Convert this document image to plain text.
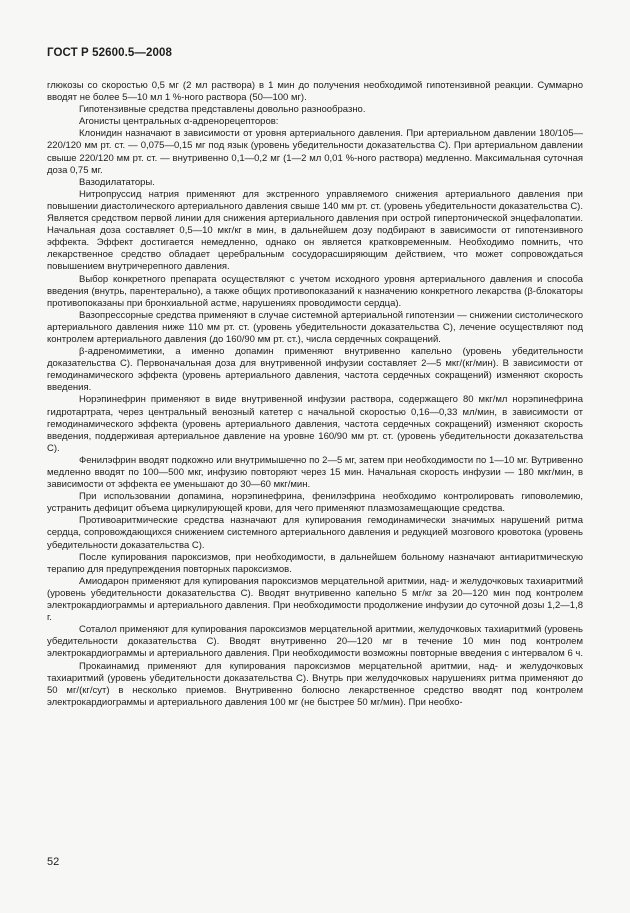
ГОСТ Р 52600.5—2008

глюкозы со скоростью 0,5 мг (2 мл раствора) в 1 мин до получения необходимой гипотензивной реакции. Суммарно вводят не более 5—10 мл 1 %-ного раствора (50—100 мг).

Гипотензивные средства представлены довольно разнообразно.

Агонисты центральных α-адренорецепторов:

Клонидин назначают в зависимости от уровня артериального давления. При артериальном давлении 180/105—220/120 мм рт. ст. — 0,075—0,15 мг под язык (уровень убедительности доказательства С). При артериальном давлении свыше 220/120 мм рт. ст. — внутривенно 0,1—0,2 мг (1—2 мл 0,01 %-ного раствора) медленно. Максимальная суточная доза 0,75 мг.

Вазодилататоры.

Нитропруссид натрия применяют для экстренного управляемого снижения артериального давления при повышении диастолического артериального давления свыше 140 мм рт. ст. (уровень убедительности доказательства С). Является средством первой линии для снижения артериального давления при острой гипертонической энцефалопатии. Начальная доза составляет 0,5—10 мкг/кг в мин, в дальнейшем дозу подбирают в зависимости от гипотензивного эффекта. Эффект достигается немедленно, однако он является кратковременным. Необходимо помнить, что лекарственное средство обладает церебральным сосудорасширяющим действием, что может сопровождаться повышением внутричерепного давления.

Выбор конкретного препарата осуществляют с учетом исходного уровня артериального давления и способа введения (внутрь, парентерально), а также общих противопоказаний к назначению конкретного лекарства (β-блокаторы противопоказаны при бронхиальной астме, нарушениях проводимости сердца).

Вазопрессорные средства применяют в случае системной артериальной гипотензии — снижении систолического артериального давления ниже 110 мм рт. ст. (уровень убедительности доказательства С), лечение осуществляют под контролем артериального давления (до 160/90 мм рт. ст.), числа сердечных сокращений.

β-адреномиметики, а именно допамин применяют внутривенно капельно (уровень убедительности доказательства С). Первоначальная доза для внутривенной инфузии составляет 2—5 мкг/(кг/мин). В зависимости от гемодинамического эффекта (уровень артериального давления, частота сердечных сокращений) изменяют скорость введения.

Норэпинефрин применяют в виде внутривенной инфузии раствора, содержащего 80 мкг/мл норэпинефрина гидротартрата, через центральный венозный катетер с начальной скоростью 0,16—0,33 мл/мин, в зависимости от гемодинамического эффекта (уровень артериального давления, частота сердечных сокращений) изменяют скорость введения, поддерживая артериальное давление на уровне 160/90 мм рт. ст. (уровень убедительности доказательства С).

Фенилэфрин вводят подкожно или внутримышечно по 2—5 мг, затем при необходимости по 1—10 мг. Вутривенно медленно вводят по 100—500 мкг, инфузию повторяют через 15 мин. Начальная скорость инфузии — 180 мкг/мин, в зависимости от эффекта ее уменьшают до 30—60 мкг/мин.

При использовании допамина, норэпинефрина, фенилэфрина необходимо контролировать гиповолемию, устранить дефицит объема циркулирующей крови, для чего применяют плазмозамещающие средства.

Противоаритмические средства назначают для купирования гемодинамически значимых нарушений ритма сердца, сопровождающихся снижением системного артериального давления и редукцией мозгового кровотока (уровень убедительности доказательства С).

После купирования пароксизмов, при необходимости, в дальнейшем больному назначают антиаритмическую терапию для предупреждения повторных пароксизмов.

Амиодарон применяют для купирования пароксизмов мерцательной аритмии, над- и желудочковых тахиаритмий (уровень убедительности доказательства С). Вводят внутривенно капельно 5 мг/кг за 20—120 мин под контролем электрокардиограммы и артериального давления. При необходимости продолжение инфузии до суточной дозы 1,2—1,8 г.

Соталол применяют для купирования пароксизмов мерцательной аритмии, желудочковых тахиаритмий (уровень убедительности доказательства С). Вводят внутривенно 20—120 мг в течение 10 мин под контролем электрокардиограммы и артериального давления. При необходимости возможны повторные введения с интервалом 6 ч.

Прокаинамид применяют для купирования пароксизмов мерцательной аритмии, над- и желудочковых тахиаритмий (уровень убедительности доказательства С). Внутрь при желудочковых нарушениях ритма применяют до 50 мг/(кг/сут) в несколько приемов. Внутривенно болюсно лекарственное средство вводят под контролем электрокардиограммы и артериального давления 100 мг (не быстрее 50 мг/мин). При необхо-

52
